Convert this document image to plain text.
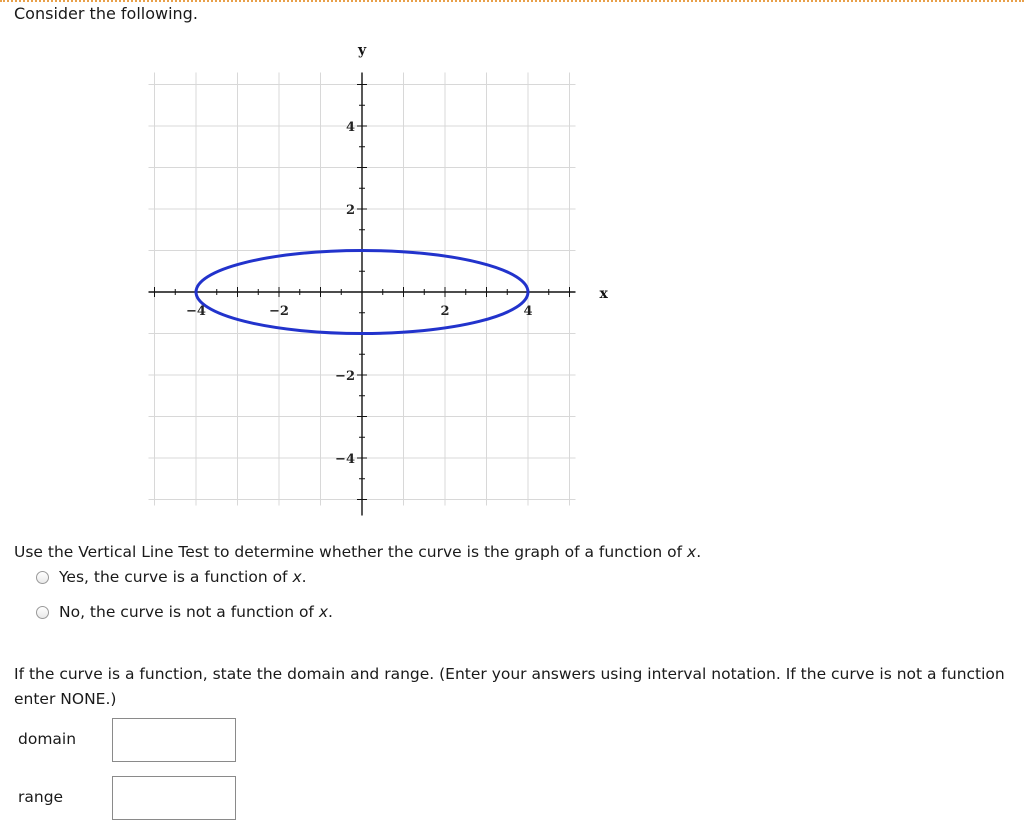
Consider the following.
x
y
−4	−2	2	4
4
2
−2
−4
Use the Vertical Line Test to determine whether the curve is the graph of a function of x.
Yes, the curve is a function of x.
No, the curve is not a function of x.
If the curve is a function, state the domain and range. (Enter your answers using interval notation. If the curve is not a function enter NONE.)
domain
range
